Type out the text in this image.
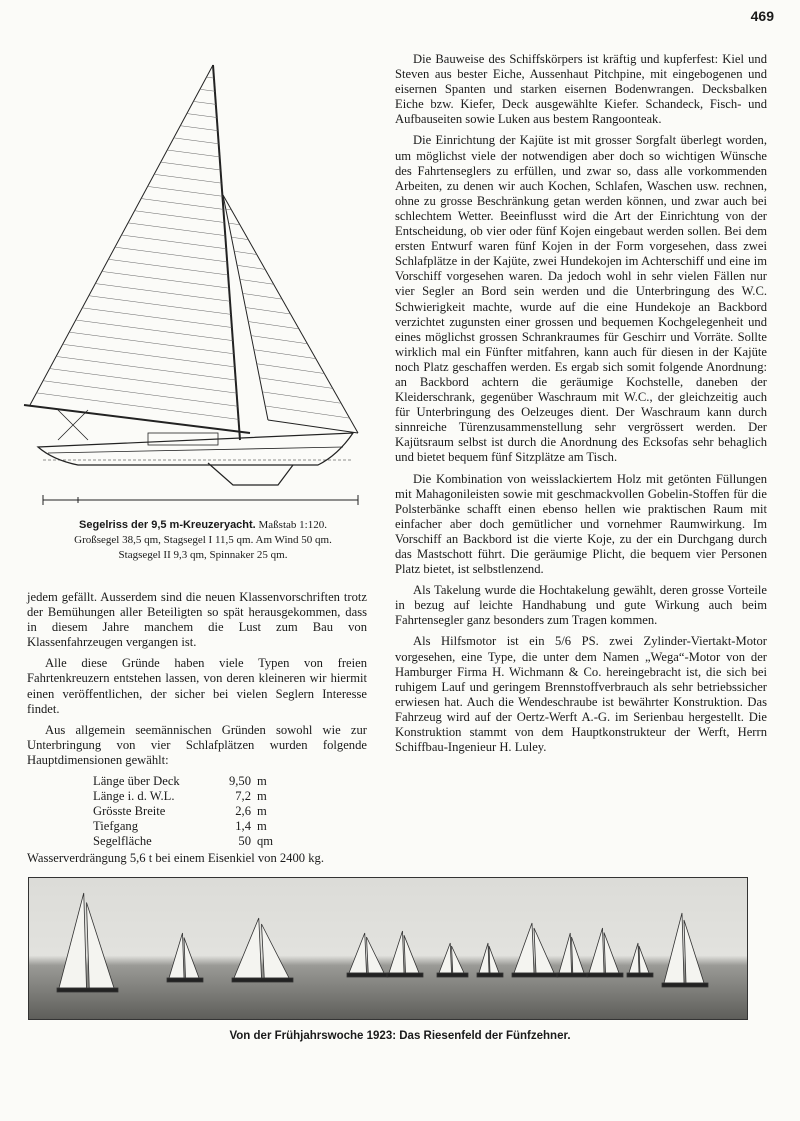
469
Segelriss der 9,5 m-Kreuzeryacht. Maßstab 1:120.
Großsegel 38,5 qm, Stagsegel I 11,5 qm. Am Wind 50 qm.
Stagsegel II 9,3 qm, Spinnaker 25 qm.

jedem gefällt. Ausserdem sind die neuen Klassenvorschriften trotz der Bemühungen aller Beteiligten so spät herausgekommen, dass in diesem Jahre manchem die Lust zum Bau von Klassenfahrzeugen vergangen ist.

Alle diese Gründe haben viele Typen von freien Fahrtenkreuzern entstehen lassen, von deren kleineren wir hiermit einen veröffentlichen, der sicher bei vielen Seglern Interesse findet.

Aus allgemein seemännischen Gründen sowohl wie zur Unterbringung von vier Schlafplätzen wurden folgende Hauptdimensionen gewählt:

Länge über Deck	9,50	m
Länge i. d. W.L.	7,2	m
Grösste Breite	2,6	m
Tiefgang	1,4	m
Segelfläche	50	qm

Wasserverdrängung 5,6 t bei einem Eisenkiel von 2400 kg.

Die Bauweise des Schiffskörpers ist kräftig und kupferfest: Kiel und Steven aus bester Eiche, Aussenhaut Pitchpine, mit eingebogenen und eisernen Spanten und starken eisernen Bodenwrangen. Decksbalken Eiche bzw. Kiefer, Deck ausgewählte Kiefer. Schandeck, Fisch- und Aufbauseiten sowie Luken aus bestem Rangoonteak.

Die Einrichtung der Kajüte ist mit grosser Sorgfalt überlegt worden, um möglichst viele der notwendigen aber doch so wichtigen Wünsche des Fahrtenseglers zu erfüllen, und zwar so, dass alle vorkommenden Arbeiten, zu denen wir auch Kochen, Schlafen, Waschen usw. rechnen, ohne zu grosse Beschränkung getan werden können, und zwar auch bei schlechtem Wetter. Beeinflusst wird die Art der Einrichtung von der Entscheidung, ob vier oder fünf Kojen eingebaut werden sollen. Bei dem ersten Entwurf waren fünf Kojen in der Form vorgesehen, dass zwei Schlafplätze in der Kajüte, zwei Hundekojen im Achterschiff und eine im Vorschiff vorgesehen waren. Da jedoch wohl in sehr vielen Fällen nur vier Segler an Bord sein werden und die Unterbringung des W.C. Schwierigkeit machte, wurde auf die eine Hundekoje an Backbord verzichtet zugunsten einer grossen und bequemen Kochgelegenheit und eines möglichst grossen Schrankraumes für Geschirr und Vorräte. Sollte wirklich mal ein Fünfter mitfahren, kann auch für diesen in der Kajüte noch Platz geschaffen werden. Es ergab sich somit folgende Anordnung: an Backbord achtern die geräumige Kochstelle, daneben der Kleiderschrank, gegenüber Waschraum mit W.C., der gleichzeitig auch für Unterbringung des Oelzeuges dient. Der Waschraum kann durch sinnreiche Türenzusammenstellung sehr vergrössert werden. Der Kajütsraum selbst ist durch die Anordnung des Ecksofas sehr behaglich und bietet bequem fünf Sitzplätze am Tisch.

Die Kombination von weisslackiertem Holz mit getönten Füllungen mit Mahagonileisten sowie mit geschmackvollen Gobelin-Stoffen für die Polsterbänke schafft einen ebenso hellen wie praktischen Raum mit einfacher aber doch gemütlicher und vornehmer Raumwirkung. Im Vorschiff an Backbord ist die vierte Koje, zu der ein Durchgang durch das Mastschott führt. Die geräumige Plicht, die bequem vier Personen Platz bietet, ist selbstlenzend.

Als Takelung wurde die Hochtakelung gewählt, deren grosse Vorteile in bezug auf leichte Handhabung und gute Wirkung auch beim Fahrtensegler ganz besonders zum Tragen kommen.

Als Hilfsmotor ist ein 5/6 PS. zwei Zylinder-Viertakt-Motor vorgesehen, eine Type, die unter dem Namen „Wega“-Motor von der Hamburger Firma H. Wichmann & Co. hereingebracht ist, die sich bei ruhigem Lauf und geringem Brennstoffverbrauch als sehr betriebssicher erwiesen hat. Auch die Wendeschraube ist bewährter Konstruktion. Das Fahrzeug wird auf der Oertz-Werft A.-G. im Serienbau hergestellt. Die Konstruktion stammt von dem Hauptkonstrukteur der Werft, Herrn Schiffbau-Ingenieur H. Luley.

Von der Frühjahrswoche 1923: Das Riesenfeld der Fünfzehner.
